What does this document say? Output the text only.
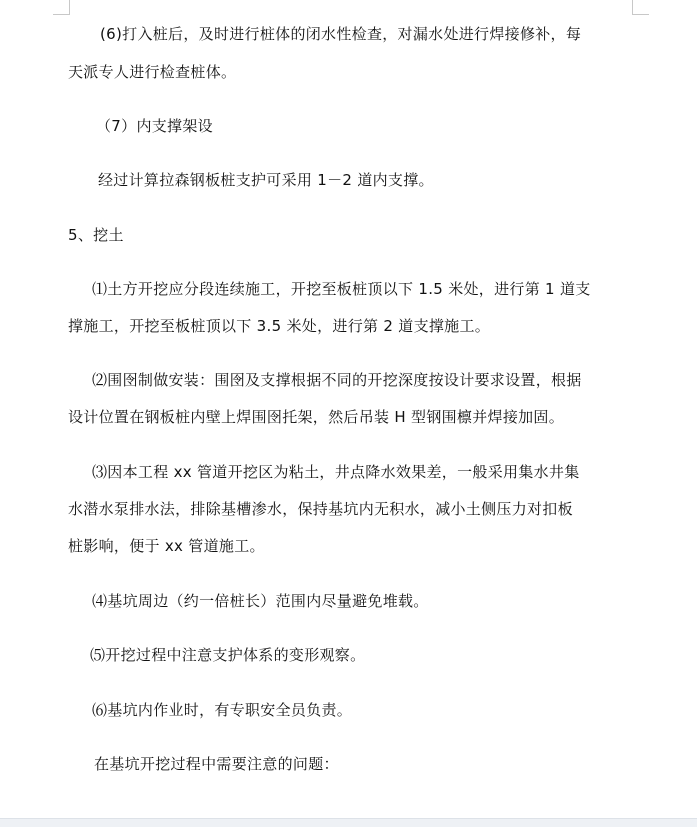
(6)打入桩后，及时进行桩体的闭水性检查，对漏水处进行焊接修补，每

天派专人进行检查桩体。

（7）内支撑架设

经过计算拉森钢板桩支护可采用 1－2 道内支撑。

5、挖土

⑴土方开挖应分段连续施工，开挖至板桩顶以下 1.5 米处，进行第 1 道支

撑施工，开挖至板桩顶以下 3.5 米处，进行第 2 道支撑施工。

⑵围囹制做安装：围囹及支撑根据不同的开挖深度按设计要求设置，根据

设计位置在钢板桩内壁上焊围囹托架，然后吊装 H 型钢围檩并焊接加固。

⑶因本工程 xx 管道开挖区为粘土，井点降水效果差，一般采用集水井集

水潜水泵排水法，排除基槽渗水，保持基坑内无积水，减小土侧压力对扣板

桩影响，便于 xx 管道施工。

⑷基坑周边（约一倍桩长）范围内尽量避免堆载。

⑸开挖过程中注意支护体系的变形观察。

⑹基坑内作业时，有专职安全员负责。

在基坑开挖过程中需要注意的问题：
